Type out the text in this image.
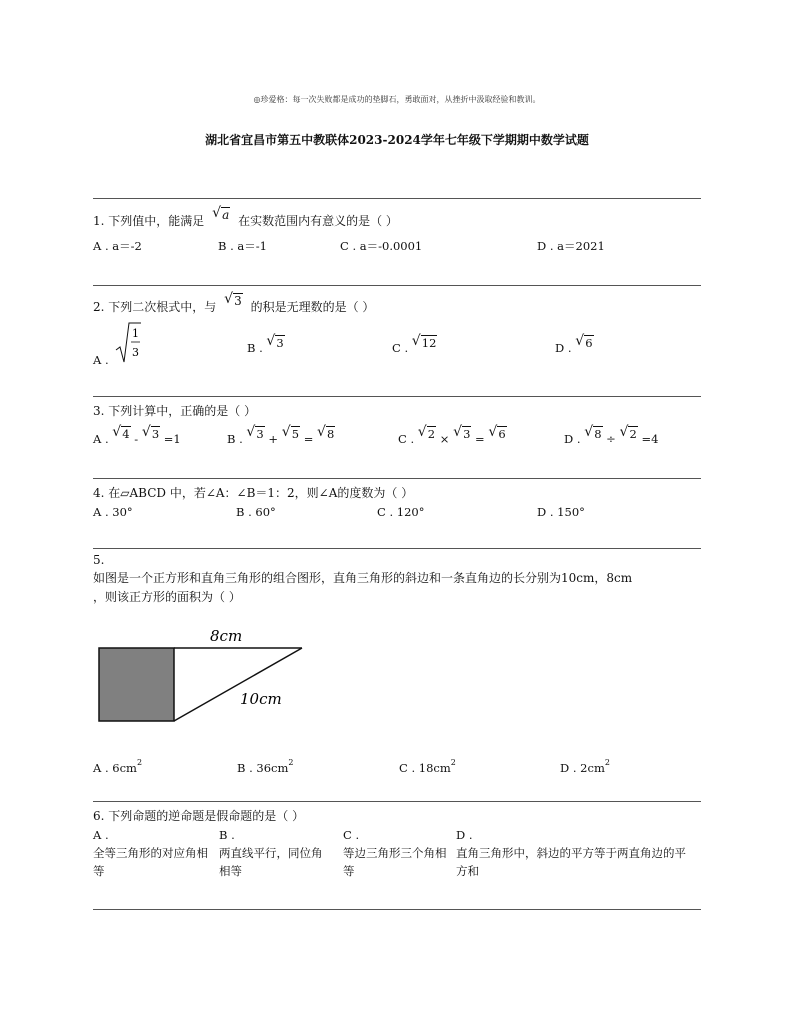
◎珍爱格：每一次失败都是成功的垫脚石，勇敢面对，从挫折中汲取经验和教训。
湖北省宜昌市第五中教联体2023-2024学年七年级下学期期中数学试题
1. 下列值中，能满足 √ a 在实数范围内有意义的是（ ）
A . a＝-2	B . a＝-1	C . a＝-0.0001	D . a＝2021
2. 下列二次根式中，与 √ 3 的积是无理数的是（ ）
A .
1
3	B . √ 3	C . √ 12	D . √ 6
3. 下列计算中，正确的是（ ）
A . √ 4 - √ 3 =1	B . √ 3 + √ 5 = √ 8	C . √ 2 × √ 3 = √ 6	D . √ 8 ÷ √ 2 =4
4. 在▱ABCD 中，若∠A：∠B＝1：2，则∠A的度数为（ ）
A . 30°	B . 60°	C . 120°	D . 150°
5.
如图是一个正方形和直角三角形的组合图形，直角三角形的斜边和一条直角边的长分别为10cm，8cm
，则该正方形的面积为（ ）
8cm
10cm
A . $6cm^2$	B . $36cm^2$	C . $18cm^2$	D . $2cm^2$
6. 下列命题的逆命题是假命题的是（ ）
A .
全等三角形的对应角相等
B .
两直线平行，同位角相等
C .
等边三角形三个角相等
D .
直角三角形中，斜边的平方等于两直角边的平方和
